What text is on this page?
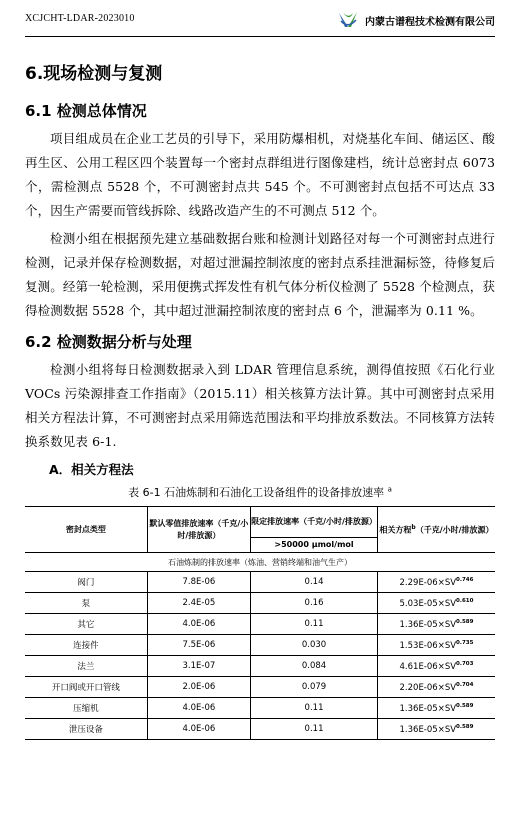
XCJCHT-LDAR-2023010	内蒙古谱程技术检测有限公司
6.现场检测与复测
6.1 检测总体情况

项目组成员在企业工艺员的引导下，采用防爆相机，对烧基化车间、储运区、酸再生区、公用工程区四个装置每一个密封点群组进行图像建档，统计总密封点 6073 个，需检测点 5528 个，不可测密封点共 545 个。不可测密封点包括不可达点 33 个，因生产需要而管线拆除、线路改造产生的不可测点 512 个。

检测小组在根据预先建立基础数据台账和检测计划路径对每一个可测密封点进行检测，记录并保存检测数据，对超过泄漏控制浓度的密封点系挂泄漏标签，待修复后复测。经第一轮检测，采用便携式挥发性有机气体分析仪检测了 5528 个检测点，获得检测数据 5528 个，其中超过泄漏控制浓度的密封点 6 个，泄漏率为 0.11 %。

6.2 检测数据分析与处理

检测小组将每日检测数据录入到 LDAR 管理信息系统，测得值按照《石化行业 VOCs 污染源排查工作指南》（2015.11）相关核算方法计算。其中可测密封点采用相关方程法计算，不可测密封点采用筛选范围法和平均排放系数法。不同核算方法转换系数见表 6-1.

A．相关方程法
表 6-1 石油炼制和石油化工设备组件的设备排放速率 $^a$
密封点类型	默认零值排放速率（千克/小时/排放源）	限定排放速率（千克/小时/排放源）	相关方程$^b$（千克/小时/排放源）
		>50000 μmol/mol	
石油炼制的排放速率（炼油、营销终端和油气生产）			
阀门	7.8E-06	0.14	$2.29E-06\times SV^{0.746}$
泵	2.4E-05	0.16	$5.03E-05\times SV^{0.610}$
其它	4.0E-06	0.11	$1.36E-05\times SV^{0.589}$
连接件	7.5E-06	0.030	$1.53E-06\times SV^{0.735}$
法兰	3.1E-07	0.084	$4.61E-06\times SV^{0.703}$
开口阀或开口管线	2.0E-06	0.079	$2.20E-06\times SV^{0.704}$
压缩机	4.0E-06	0.11	$1.36E-05\times SV^{0.589}$
泄压设备	4.0E-06	0.11	$1.36E-05\times SV^{0.589}$
